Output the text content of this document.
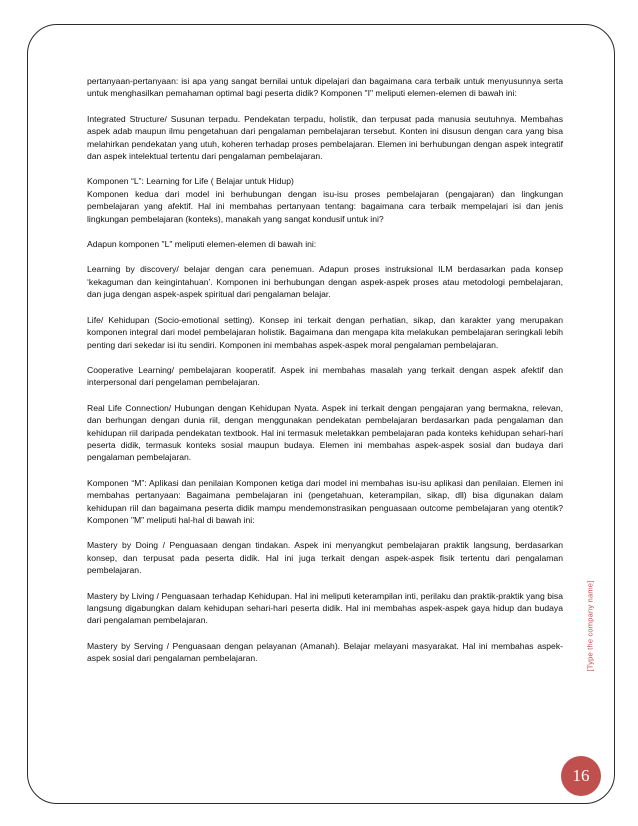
pertanyaan-pertanyaan: isi apa yang sangat bernilai untuk dipelajari dan bagaimana cara terbaik untuk menyusunnya serta untuk menghasilkan pemahaman optimal bagi peserta didik? Komponen "I" meliputi elemen-elemen di bawah ini:

Integrated Structure/ Susunan terpadu. Pendekatan terpadu, holistik, dan terpusat pada manusia seutuhnya. Membahas aspek adab maupun ilmu pengetahuan dari pengalaman pembelajaran tersebut. Konten ini disusun dengan cara yang bisa melahirkan pendekatan yang utuh, koheren terhadap proses pembelajaran. Elemen ini berhubungan dengan aspek integratif dan aspek intelektual tertentu dari pengalaman pembelajaran.

Komponen “L”: Learning for Life ( Belajar untuk Hidup)

Komponen kedua dari model ini berhubungan dengan isu-isu proses pembelajaran (pengajaran) dan lingkungan pembelajaran yang afektif. Hal ini membahas pertanyaan tentang: bagaimana cara terbaik mempelajari isi dan jenis lingkungan pembelajaran (konteks), manakah yang sangat kondusif untuk ini?

Adapun komponen "L" meliputi elemen-elemen di bawah ini:

Learning by discovery/ belajar dengan cara penemuan. Adapun proses instruksional ILM berdasarkan pada konsep ‘kekaguman dan keingintahuan’. Komponen ini berhubungan dengan aspek-aspek proses atau metodologi pembelajaran, dan juga dengan aspek-aspek spiritual dari pengalaman belajar.

Life/ Kehidupan (Socio-emotional setting). Konsep ini terkait dengan perhatian, sikap, dan karakter yang merupakan komponen integral dari model pembelajaran holistik. Bagaimana dan mengapa kita melakukan pembelajaran seringkali lebih penting dari sekedar isi itu sendiri. Komponen ini membahas aspek-aspek moral pengalaman pembelajaran.

Cooperative Learning/ pembelajaran kooperatif. Aspek ini membahas masalah yang terkait dengan aspek afektif dan interpersonal dari pengelaman pembelajaran.

Real Life Connection/ Hubungan dengan Kehidupan Nyata. Aspek ini terkait dengan pengajaran yang bermakna, relevan, dan berhungan dengan dunia riil, dengan menggunakan pendekatan pembelajaran berdasarkan pada pengalaman dan kehidupan riil daripada pendekatan textbook. Hal ini termasuk meletakkan pembelajaran pada konteks kehidupan sehari-hari peserta didik, termasuk konteks sosial maupun budaya. Elemen ini membahas aspek-aspek sosial dan budaya dari pengalaman pembelajaran.

Komponen “M”: Aplikasi dan penilaian Komponen ketiga dari model ini membahas isu-isu aplikasi dan penilaian. Elemen ini membahas pertanyaan: Bagaimana pembelajaran ini (pengetahuan, keterampilan, sikap, dll) bisa digunakan dalam kehidupan riil dan bagaimana peserta didik mampu mendemonstrasikan penguasaan outcome pembelajaran yang otentik? Komponen "M" meliputi hal-hal di bawah ini:

Mastery by Doing / Penguasaan dengan tindakan. Aspek ini menyangkut pembelajaran praktik langsung, berdasarkan konsep, dan terpusat pada peserta didik. Hal ini juga terkait dengan aspek-aspek fisik tertentu dari pengalaman pembelajaran.

Mastery by Living / Penguasaan terhadap Kehidupan. Hal ini meliputi keterampilan inti, perilaku dan praktik-praktik yang bisa langsung digabungkan dalam kehidupan sehari-hari peserta didik. Hal ini membahas aspek-aspek gaya hidup dan budaya dari pengalaman pembelajaran.

Mastery by Serving / Penguasaan dengan pelayanan (Amanah). Belajar melayani masyarakat. Hal ini membahas aspek-aspek sosial dari pengalaman pembelajaran.	[Type the company name]
16
